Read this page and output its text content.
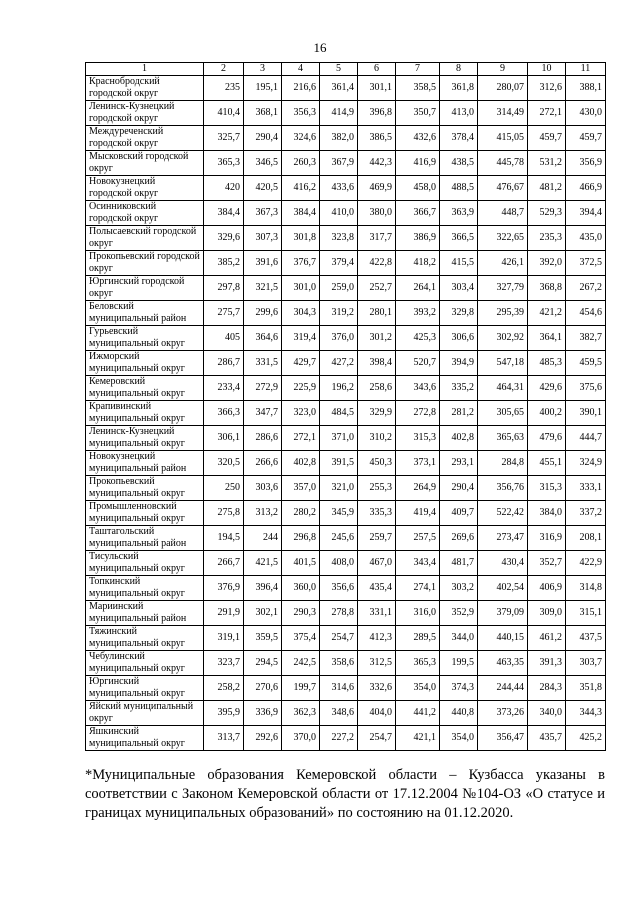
16
1	2	3	4	5	6	7	8	9	10	11
Краснобродский городской округ	235	195,1	216,6	361,4	301,1	358,5	361,8	280,07	312,6	388,1
Ленинск-Кузнецкий городской округ	410,4	368,1	356,3	414,9	396,8	350,7	413,0	314,49	272,1	430,0
Междуреченский городской округ	325,7	290,4	324,6	382,0	386,5	432,6	378,4	415,05	459,7	459,7
Мысковский городской округ	365,3	346,5	260,3	367,9	442,3	416,9	438,5	445,78	531,2	356,9
Новокузнецкий городской округ	420	420,5	416,2	433,6	469,9	458,0	488,5	476,67	481,2	466,9
Осинниковский городской округ	384,4	367,3	384,4	410,0	380,0	366,7	363,9	448,7	529,3	394,4
Полысаевский городской округ	329,6	307,3	301,8	323,8	317,7	386,9	366,5	322,65	235,3	435,0
Прокопьевский городской округ	385,2	391,6	376,7	379,4	422,8	418,2	415,5	426,1	392,0	372,5
Юргинский городской округ	297,8	321,5	301,0	259,0	252,7	264,1	303,4	327,79	368,8	267,2
Беловский муниципальный район	275,7	299,6	304,3	319,2	280,1	393,2	329,8	295,39	421,2	454,6
Гурьевский муниципальный округ	405	364,6	319,4	376,0	301,2	425,3	306,6	302,92	364,1	382,7
Ижморский муниципальный округ	286,7	331,5	429,7	427,2	398,4	520,7	394,9	547,18	485,3	459,5
Кемеровский муниципальный округ	233,4	272,9	225,9	196,2	258,6	343,6	335,2	464,31	429,6	375,6
Крапивинский муниципальный округ	366,3	347,7	323,0	484,5	329,9	272,8	281,2	305,65	400,2	390,1
Ленинск-Кузнецкий муниципальный округ	306,1	286,6	272,1	371,0	310,2	315,3	402,8	365,63	479,6	444,7
Новокузнецкий муниципальный район	320,5	266,6	402,8	391,5	450,3	373,1	293,1	284,8	455,1	324,9
Прокопьевский муниципальный округ	250	303,6	357,0	321,0	255,3	264,9	290,4	356,76	315,3	333,1
Промышленновский муниципальный округ	275,8	313,2	280,2	345,9	335,3	419,4	409,7	522,42	384,0	337,2
Таштагольский муниципальный район	194,5	244	296,8	245,6	259,7	257,5	269,6	273,47	316,9	208,1
Тисульский муниципальный округ	266,7	421,5	401,5	408,0	467,0	343,4	481,7	430,4	352,7	422,9
Топкинский муниципальный округ	376,9	396,4	360,0	356,6	435,4	274,1	303,2	402,54	406,9	314,8
Мариинский муниципальный район	291,9	302,1	290,3	278,8	331,1	316,0	352,9	379,09	309,0	315,1
Тяжинский муниципальный округ	319,1	359,5	375,4	254,7	412,3	289,5	344,0	440,15	461,2	437,5
Чебулинский муниципальный округ	323,7	294,5	242,5	358,6	312,5	365,3	199,5	463,35	391,3	303,7
Юргинский муниципальный округ	258,2	270,6	199,7	314,6	332,6	354,0	374,3	244,44	284,3	351,8
Яйский муниципальный округ	395,9	336,9	362,3	348,6	404,0	441,2	440,8	373,26	340,0	344,3
Яшкинский муниципальный округ	313,7	292,6	370,0	227,2	254,7	421,1	354,0	356,47	435,7	425,2
*Муниципальные образования Кемеровской области – Кузбасса указаны в соответствии с Законом Кемеровской области от 17.12.2004 №104-ОЗ «О статусе и границах муниципальных образований» по состоянию на 01.12.2020.
